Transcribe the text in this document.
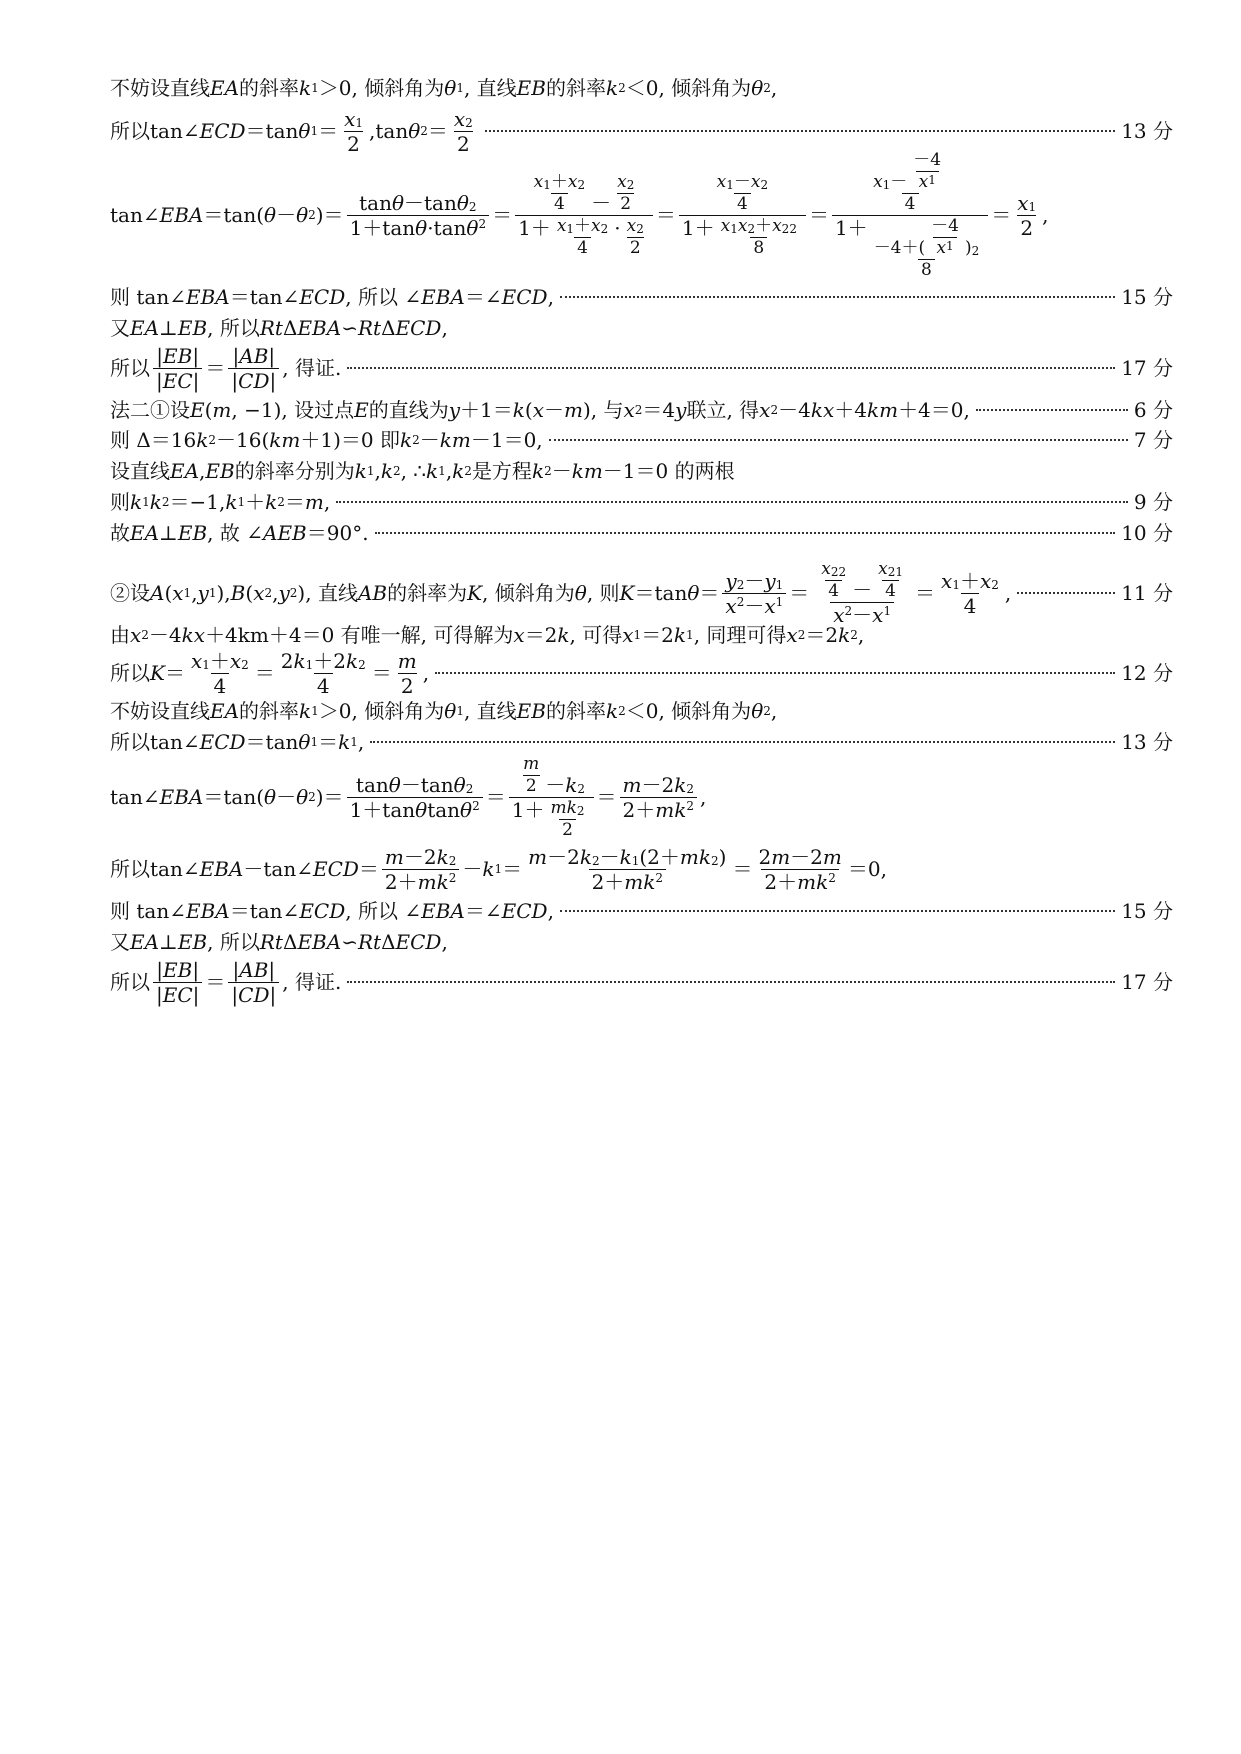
不妨设直线 EA 的斜率 k 1 ＞0, 倾斜角为 θ 1 , 直线 EB 的斜率 k 2 ＜0, 倾斜角为 θ 2 ,
所以tan∠ ECD ＝tan θ $1 = \frac{x_1}{2} ,\tan$ θ $2 = \frac{x_2}{2}$	13 分
tan∠ EBA ＝tan( θ － θ 2 )＝ $\frac{\tan \theta -\tan \theta_2}{1+\tan \theta \cdot\tan \theta^2} = \frac{\frac{x 1 + x 2}{4} - \frac{x 2}{2}}{1+ \frac{x 1 + x 2}{4} \cdot \frac{x 2}{2}} = \frac{\frac{x 1 - x 2}{4}}{1+ \frac{x 1 x 2 + x 2 2}{8}} = \frac{\frac{x 1 - \frac{-4}{x 1}}{4}}{1+ \frac{-4+( \frac{-4}{x 1} ) 2}{8}} = \frac{x_1}{2}$ ,
则 tan∠ EBA ＝tan∠ ECD , 所以 ∠ EBA ＝∠ ECD ,	15 分
又 EA ⊥ EB , 所以 Rt Δ EBA ∽ Rt Δ ECD ,
所以 $\frac{| EB |}{| EC |} = \frac{| AB |}{| CD |}$ , 得证.	17 分
法二①设 E ( m , −1), 设过点 E 的直线为 y ＋1＝ k ( x － m ), 与 x 2 ＝4 y 联立, 得 x 2 －4 kx ＋4 km ＋4＝0,	6 分
则 Δ＝16 k 2 －16( km ＋1)＝0 即 k 2 － km －1＝0,	7 分
设直线 EA , EB 的斜率分别为 k 1 , k 2 , ∴ k 1 , k 2 是方程 k 2 － km －1＝0 的两根
则 k 1 k 2 ＝−1, k 1 ＋ k 2 ＝ m ,	9 分
故 EA ⊥ EB , 故 ∠ AEB ＝90°.	10 分
②设 A ( x 1 , y 1 ), B ( x 2 , y 2 ), 直线 AB 的斜率为 K , 倾斜角为 θ , 则 K ＝tan $\theta = \frac{y_2 - y_1}{x^2 - x^1} = \frac{\frac{x 2 2}{4} - \frac{x 2 1}{4}}{x^2 - x^1} = \frac{x_1 + x_2}{4}$ ,	11 分
由 x 2 －4 kx ＋4km＋4＝0 有唯一解, 可得解为 x ＝2 k , 可得 x 1 ＝2 k 1 , 同理可得 x 2 ＝2 k 2 ,
所以 $K = \frac{x_1 + x_2}{4} = \frac{2 k_1 +2 k_2}{4} = \frac{m}{2}$ ,	12 分
不妨设直线 EA 的斜率 k 1 ＞0, 倾斜角为 θ 1 , 直线 EB 的斜率 k 2 ＜0, 倾斜角为 θ 2 ,
所以tan∠ ECD ＝tan θ 1 ＝ k 1 ,	13 分
tan∠ EBA ＝tan( θ － θ 2 )＝ $\frac{\tan \theta -\tan \theta_2}{1+\tan \theta \tan \theta^2} = \frac{\frac{m}{2} - k_2}{1+ \frac{mk 2}{2}} = \frac{m -2 k_2}{2+ mk^2}$ ,
所以tan∠ EBA －tan∠ ECD ＝ $\frac{m -2 k_2}{2+ mk^2} - k$ $1 = \frac{m -2 k_2 - k_1 (2+ mk_2 )}{2+ mk^2} = \frac{2 m -2 m}{2+ mk^2} =0$,
则 tan∠ EBA ＝tan∠ ECD , 所以 ∠ EBA ＝∠ ECD ,	15 分
又 EA ⊥ EB , 所以 Rt Δ EBA ∽ Rt Δ ECD ,
所以 $\frac{| EB |}{| EC |} = \frac{| AB |}{| CD |}$ , 得证.	17 分
